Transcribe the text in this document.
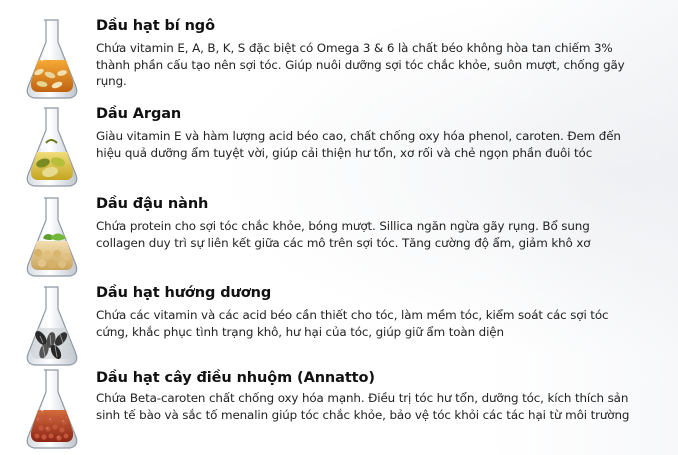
Dầu hạt bí ngô
Chứa vitamin E, A, B, K, S đặc biệt có Omega 3 & 6 là chất béo không hòa tan chiếm 3% thành phần cấu tạo nên sợi tóc. Giúp nuôi dưỡng sợi tóc chắc khỏe, suôn mượt, chống gãy rụng.
Dầu Argan
Giàu vitamin E và hàm lượng acid béo cao, chất chống oxy hóa phenol, caroten. Đem đến hiệu quả dưỡng ẩm tuyệt vời, giúp cải thiện hư tổn, xơ rối và chẻ ngọn phần đuôi tóc
Dầu đậu nành
Chứa protein cho sợi tóc chắc khỏe, bóng mượt. Sillica ngăn ngừa gãy rụng. Bổ sung collagen duy trì sự liên kết giữa các mô trên sợi tóc. Tăng cường độ ẩm, giảm khô xơ
Dầu hạt hướng dương
Chứa các vitamin và các acid béo cần thiết cho tóc, làm mềm tóc, kiểm soát các sợi tóc cứng, khắc phục tình trạng khô, hư hại của tóc, giúp giữ ẩm toàn diện
Dầu hạt cây điều nhuộm (Annatto)
Chứa Beta-caroten chất chống oxy hóa mạnh. Điều trị tóc hư tổn, dưỡng tóc, kích thích sản sinh tế bào và sắc tố menalin giúp tóc chắc khỏe, bảo vệ tóc khỏi các tác hại từ môi trường
